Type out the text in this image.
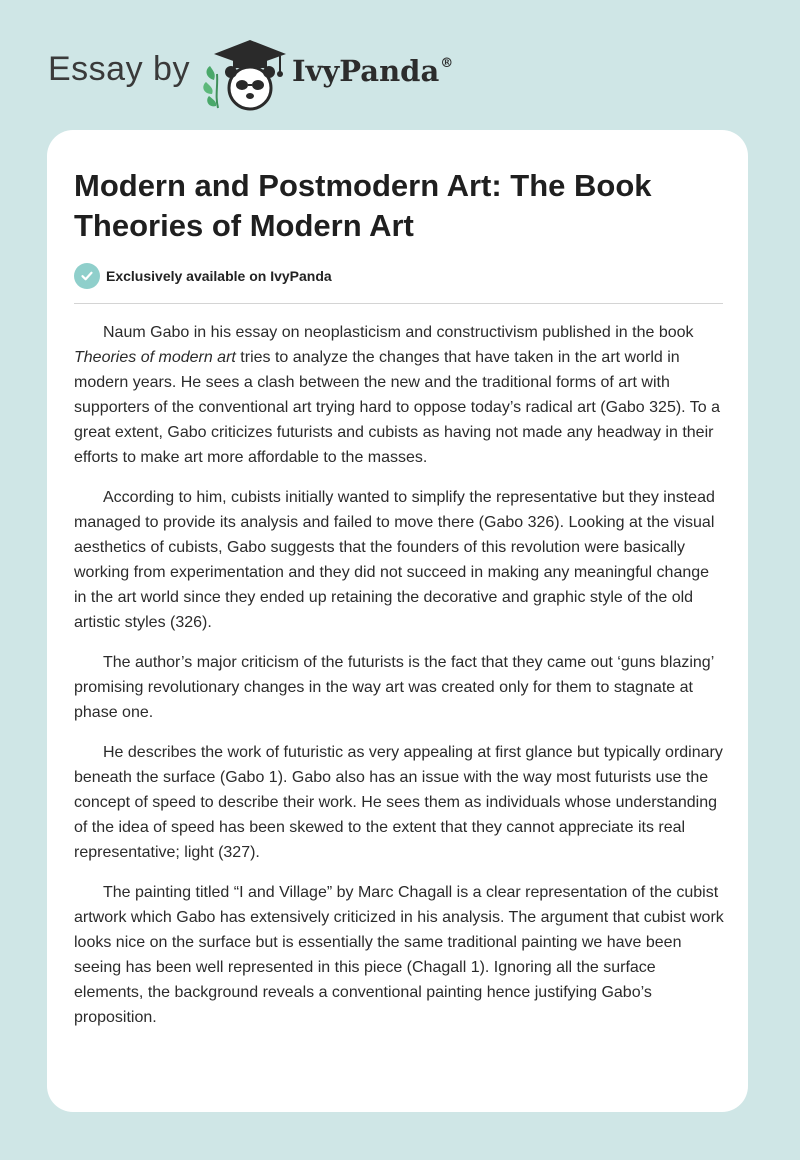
Essay by	IvyPanda®
Modern and Postmodern Art: The Book Theories of Modern Art
Exclusively available on IvyPanda

Naum Gabo in his essay on neoplasticism and constructivism published in the book Theories of modern art tries to analyze the changes that have taken in the art world in modern years. He sees a clash between the new and the traditional forms of art with supporters of the conventional art trying hard to oppose today’s radical art (Gabo 325). To a great extent, Gabo criticizes futurists and cubists as having not made any headway in their efforts to make art more affordable to the masses.

According to him, cubists initially wanted to simplify the representative but they instead managed to provide its analysis and failed to move there (Gabo 326). Looking at the visual aesthetics of cubists, Gabo suggests that the founders of this revolution were basically working from experimentation and they did not succeed in making any meaningful change in the art world since they ended up retaining the decorative and graphic style of the old artistic styles (326).

The author’s major criticism of the futurists is the fact that they came out ‘guns blazing’ promising revolutionary changes in the way art was created only for them to stagnate at phase one.

He describes the work of futuristic as very appealing at first glance but typically ordinary beneath the surface (Gabo 1). Gabo also has an issue with the way most futurists use the concept of speed to describe their work. He sees them as individuals whose understanding of the idea of speed has been skewed to the extent that they cannot appreciate its real representative; light (327).

The painting titled “I and Village” by Marc Chagall is a clear representation of the cubist artwork which Gabo has extensively criticized in his analysis. The argument that cubist work looks nice on the surface but is essentially the same traditional painting we have been seeing has been well represented in this piece (Chagall 1). Ignoring all the surface elements, the background reveals a conventional painting hence justifying Gabo’s proposition.
